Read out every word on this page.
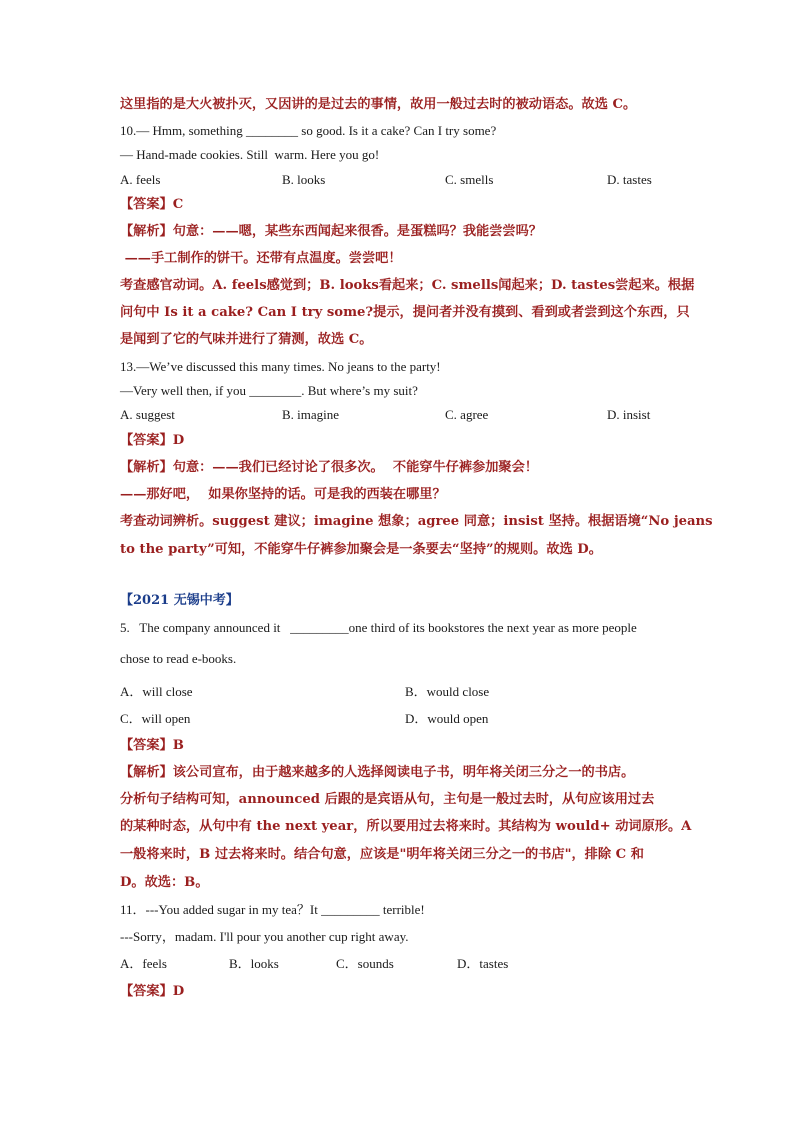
这里指的是大火被扑灭，又因讲的是过去的事情，故用一般过去时的被动语态。故选 C。
10.— Hmm, something ________ so good. Is it a cake? Can I try some?
— Hand-made cookies. Still  warm. Here you go!
【答案】C
【解析】句意：——嗯，某些东西闻起来很香。是蛋糕吗？我能尝尝吗？
——手工制作的饼干。还带有点温度。尝尝吧！
考查感官动词。A. feels感觉到；B. looks看起来；C. smells闻起来；D. tastes尝起来。根据
问句中 Is it a cake? Can I try some?提示，提问者并没有摸到、看到或者尝到这个东西，只
是闻到了它的气味并进行了猜测，故选 C。
13.—We’ve discussed this many times. No jeans to the party!
—Very well then, if you ________. But where’s my suit?
【答案】D
【解析】句意：——我们已经讨论了很多次。  不能穿牛仔裤参加聚会！
——那好吧，  如果你坚持的话。可是我的西装在哪里？
考查动词辨析。suggest 建议；imagine 想象；agree 同意；insist 坚持。根据语境“No jeans
to the party”可知，不能穿牛仔裤参加聚会是一条要去“坚持”的规则。故选 D。
【2021 无锡中考】
5.   The company announced it   _________one third of its bookstores the next year as more people
chose to read e-books.
【答案】B
【解析】该公司宣布，由于越来越多的人选择阅读电子书，明年将关闭三分之一的书店。
分析句子结构可知，announced 后跟的是宾语从句，主句是一般过去时，从句应该用过去
的某种时态，从句中有 the next year，所以要用过去将来时。其结构为 would+ 动词原形。A
一般将来时，B 过去将来时。结合句意，应该是"明年将关闭三分之一的书店"，排除 C 和
D。故选：B。
11．---You added sugar in my tea？It _________ terrible!
---Sorry，madam. I'll pour you another cup right away.
【答案】D
A. feels	B. looks	C. smells	D. tastes
A. suggest	B. imagine	C. agree	D. insist
A．will close	B．would close
C．will open	D．would open
A．feels	B．looks	C．sounds	D．tastes
